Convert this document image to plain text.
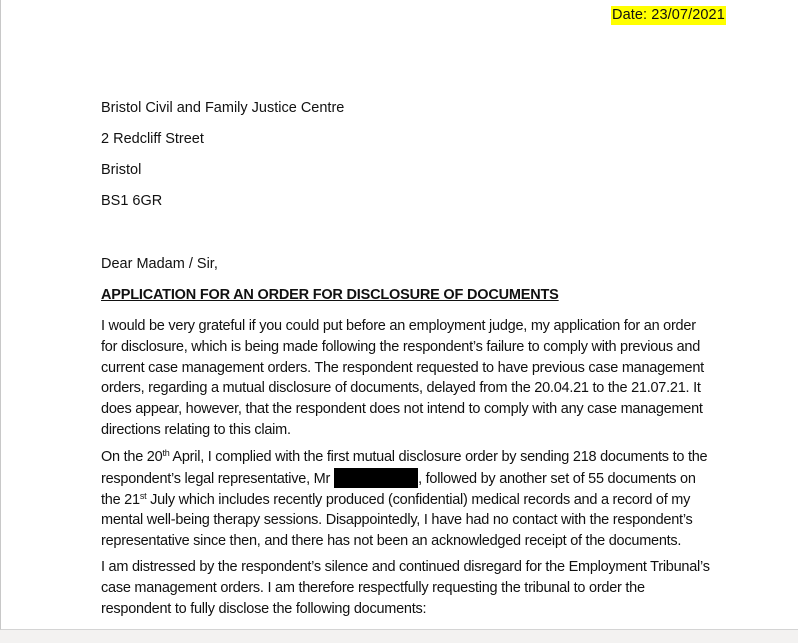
Date: 23/07/2021
Bristol Civil and Family Justice Centre
2 Redcliff Street
Bristol
BS1 6GR
Dear Madam / Sir,
APPLICATION FOR AN ORDER FOR DISCLOSURE OF DOCUMENTS
I would be very grateful if you could put before an employment judge, my application for an order
for disclosure, which is being made following the respondent’s failure to comply with previous and
current case management orders. The respondent requested to have previous case management
orders, regarding a mutual disclosure of documents, delayed from the 20.04.21 to the 21.07.21. It
does appear, however, that the respondent does not intend to comply with any case management
directions relating to this claim.
On the 20th April, I complied with the first mutual disclosure order by sending 218 documents to the
respondent’s legal representative, Mr	, followed by another set of 55 documents on
the 21st July which includes recently produced (confidential) medical records and a record of my
mental well-being therapy sessions. Disappointedly, I have had no contact with the respondent’s
representative since then, and there has not been an acknowledged receipt of the documents.
I am distressed by the respondent’s silence and continued disregard for the Employment Tribunal’s
case management orders. I am therefore respectfully requesting the tribunal to order the
respondent to fully disclose the following documents:
